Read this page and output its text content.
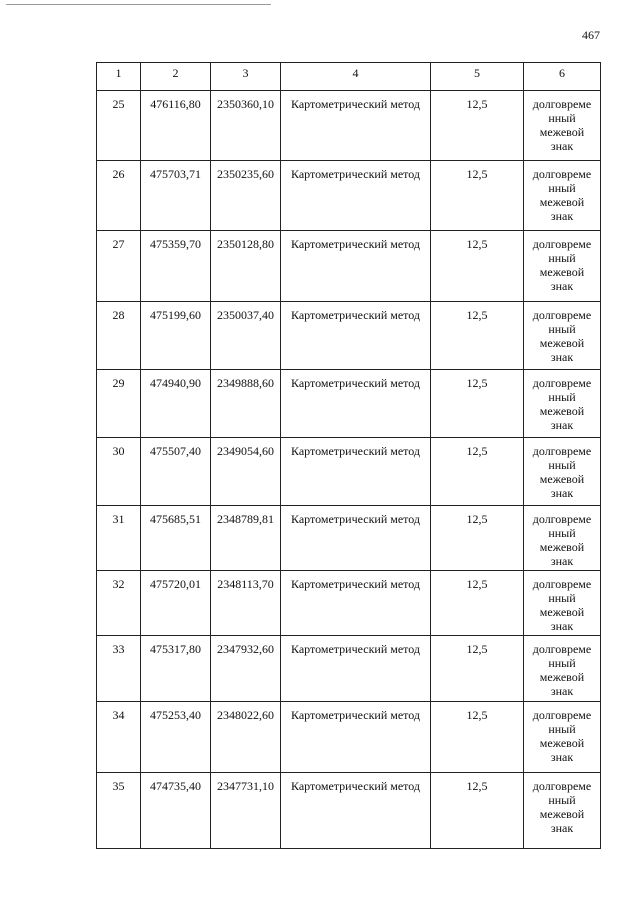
467
1	2	3	4	5	6
25	476116,80	2350360,10	Картометрический метод	12,5	долговреме
нный
межевой
знак

26	475703,71	2350235,60	Картометрический метод	12,5	долговреме
нный
межевой
знак

27	475359,70	2350128,80	Картометрический метод	12,5	долговреме
нный
межевой
знак

28	475199,60	2350037,40	Картометрический метод	12,5	долговреме
нный
межевой
знак

29	474940,90	2349888,60	Картометрический метод	12,5	долговреме
нный
межевой
знак

30	475507,40	2349054,60	Картометрический метод	12,5	долговреме
нный
межевой
знак

31	475685,51	2348789,81	Картометрический метод	12,5	долговреме
нный
межевой
знак

32	475720,01	2348113,70	Картометрический метод	12,5	долговреме
нный
межевой
знак

33	475317,80	2347932,60	Картометрический метод	12,5	долговреме
нный
межевой
знак

34	475253,40	2348022,60	Картометрический метод	12,5	долговреме
нный
межевой
знак

35	474735,40	2347731,10	Картометрический метод	12,5	долговреме
нный
межевой
знак
